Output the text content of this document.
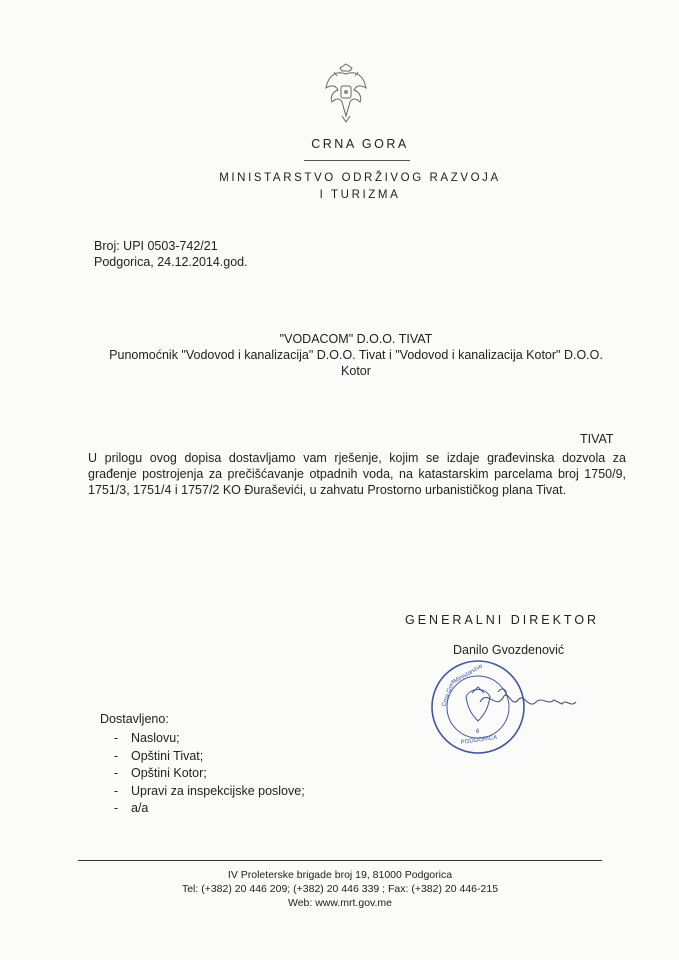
CRNA GORA
MINISTARSTVO ODRŽIVOG RAZVOJA
I TURIZMA
Broj: UPI 0503-742/21
Podgorica, 24.12.2014.god.
"VODACOM" D.O.O. TIVAT
Punomoćnik "Vodovod i kanalizacija" D.O.O. Tivat i "Vodovod i kanalizacija Kotor" D.O.O.
Kotor
TIVAT
U prilogu ovog dopisa dostavljamo vam rješenje, kojim se izdaje građevinska dozvola za građenje postrojenja za prečišćavanje otpadnih voda, na katastarskim parcelama broj 1750/9, 1751/3, 1751/4 i 1757/2 KO Đuraševići, u zahvatu Prostorno urbanističkog plana Tivat.
GENERALNI DIREKTOR
Danilo Gvozdenović
Crna Gora
Ministarstvo
PODGORICA
6
Dostavljeno:
- Naslovu;
- Opštini Tivat;
- Opštini Kotor;
- Upravi za inspekcijske poslove;
- a/a
IV Proleterske brigade broj 19, 81000 Podgorica
Tel: (+382) 20 446 209; (+382) 20 446 339 ; Fax: (+382) 20 446-215
Web: www.mrt.gov.me
